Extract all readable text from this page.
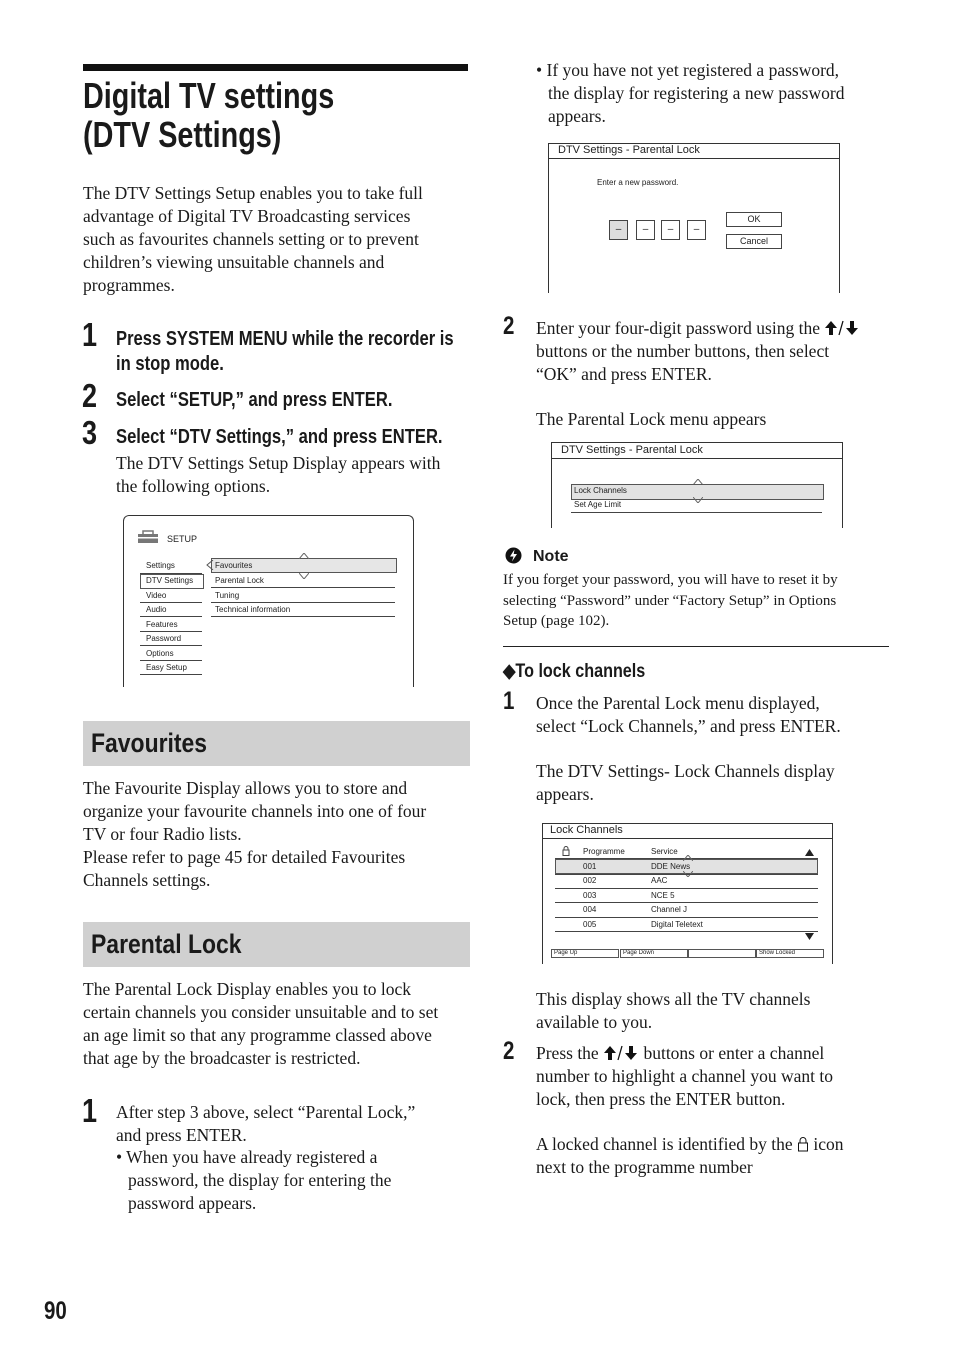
Digital TV settings
(DTV Settings)
The DTV Settings Setup enables you to take full
advantage of Digital TV Broadcasting services
such as favourites channels setting or to prevent
children’s viewing unsuitable channels and
programmes.
1 Press SYSTEM MENU while the recorder is
in stop mode.
2 Select “SETUP,” and press ENTER.
3 Select “DTV Settings,” and press ENTER.
The DTV Settings Setup Display appears with
the following options.
SETUP
Settings
DTV Settings
Video
Audio
Features
Password
Options
Easy Setup
Favourites
Parental Lock
Tuning
Technical information
Favourites
The Favourite Display allows you to store and
organize your favourite channels into one of four
TV or four Radio lists.
Please refer to page 45 for detailed Favourites
Channels settings.
Parental Lock
The Parental Lock Display enables you to lock
certain channels you consider unsuitable and to set
an age limit so that any programme classed above
that age by the broadcaster is restricted.
1 After step 3 above, select “Parental Lock,”
and press ENTER.
• When you have already registered a
password, the display for entering the
password appears.
90
• If you have not yet registered a password,
the display for registering a new password
appears.
DTV Settings - Parental Lock
Enter a new password.
–	–	–	–
OK
Cancel
2 Enter your four-digit password using the
buttons or the number buttons, then select
“OK” and press ENTER.
The Parental Lock menu appears
DTV Settings - Parental Lock
Lock Channels
Set Age Limit
Note
If you forget your password, you will have to reset it by
selecting “Password” under “Factory Setup” in Options
Setup (page 102).
◆To lock channels
1 Once the Parental Lock menu displayed,
select “Lock Channels,” and press ENTER.
The DTV Settings- Lock Channels display
appears.
Lock Channels
Programme	Service
001	DDE News
002	AAC
003	NCE 5
004	Channel J
005	Digital Teletext
Page Up	Page Down	Show Locked
This display shows all the TV channels
available to you.
2 Press the	buttons or enter a channel
number to highlight a channel you want to
lock, then press the ENTER button.
A locked channel is identified by the icon
next to the programme number
